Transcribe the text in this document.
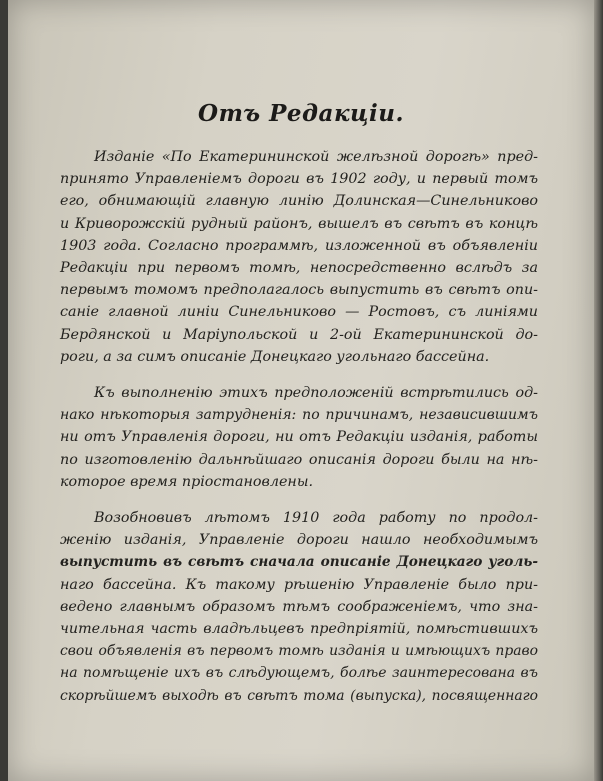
Отъ Редакціи.
Изданіе «По Екатерининской желѣзной дорогѣ» пред-
принято Управленіемъ дороги въ 1902 году, и первый томъ
его, обнимающій главную линію Долинская—Синельниково
и Криворожскій рудный районъ, вышелъ въ свѣтъ въ концѣ
1903 года. Согласно программѣ, изложенной въ объявленіи
Редакціи при первомъ томѣ, непосредственно вслѣдъ за
первымъ томомъ предполагалось выпустить въ свѣтъ опи-
саніе главной линіи Синельниково — Ростовъ, съ линіями
Бердянской и Маріупольской и 2-ой Екатерининской до-
роги, а за симъ описаніе Донецкаго угольнаго бассейна.
Къ выполненію этихъ предположеній встрѣтились од-
нако нѣкоторыя затрудненія: по причинамъ, независившимъ
ни отъ Управленія дороги, ни отъ Редакціи изданія, работы
по изготовленію дальнѣйшаго описанія дороги были на нѣ-
которое время пріостановлены.
Возобновивъ лѣтомъ 1910 года работу по продол-
женію изданія, Управленіе дороги нашло необходимымъ
выпустить въ свѣтъ сначала описаніе Донецкаго уголь-
наго бассейна. Къ такому рѣшенію Управленіе было при-
ведено главнымъ образомъ тѣмъ соображеніемъ, что зна-
чительная часть владѣльцевъ предпріятій, помѣстившихъ
свои объявленія въ первомъ томѣ изданія и имѣющихъ право
на помѣщеніе ихъ въ слѣдующемъ, болѣе заинтересована въ
скорѣйшемъ выходѣ въ свѣтъ тома (выпуска), посвященнаго
